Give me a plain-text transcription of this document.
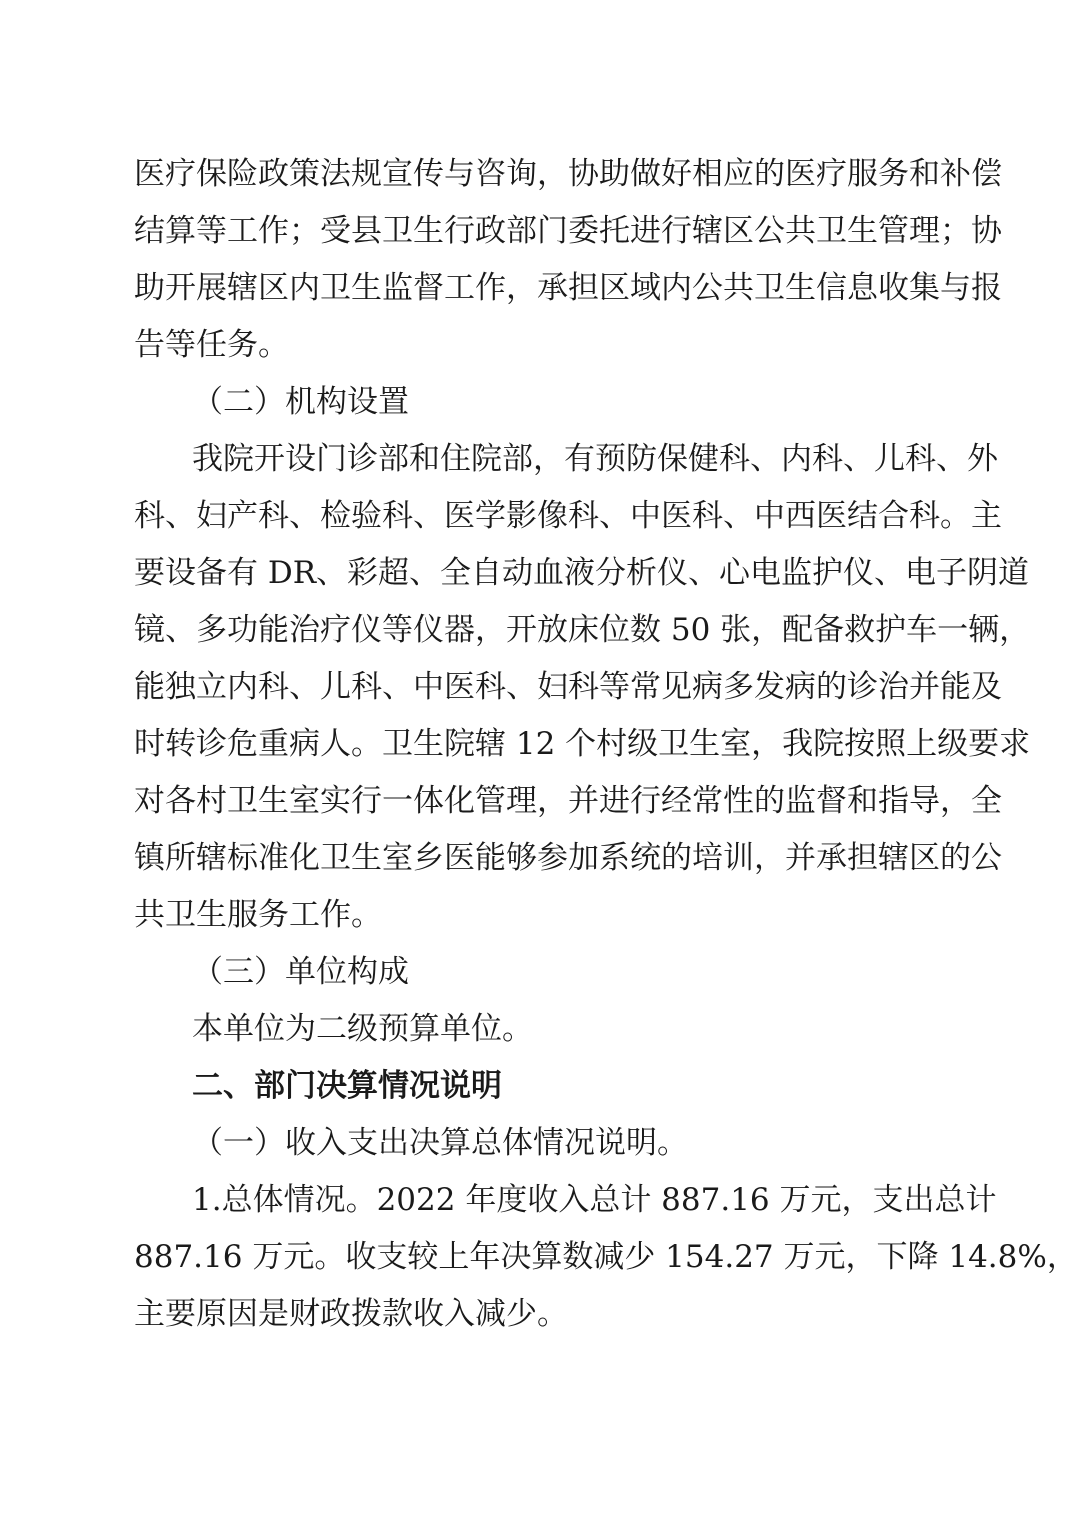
医疗保险政策法规宣传与咨询，协助做好相应的医疗服务和补偿

结算等工作；受县卫生行政部门委托进行辖区公共卫生管理；协

助开展辖区内卫生监督工作，承担区域内公共卫生信息收集与报

告等任务。

（二）机构设置

我院开设门诊部和住院部，有预防保健科、内科、儿科、外

科、妇产科、检验科、医学影像科、中医科、中西医结合科。主

要设备有 DR、彩超、全自动血液分析仪、心电监护仪、电子阴道

镜、多功能治疗仪等仪器，开放床位数 50 张，配备救护车一辆，

能独立内科、儿科、中医科、妇科等常见病多发病的诊治并能及

时转诊危重病人。卫生院辖 12 个村级卫生室，我院按照上级要求

对各村卫生室实行一体化管理，并进行经常性的监督和指导，全

镇所辖标准化卫生室乡医能够参加系统的培训，并承担辖区的公

共卫生服务工作。

（三）单位构成

本单位为二级预算单位。

二、部门决算情况说明

（一）收入支出决算总体情况说明。

1.总体情况。2022 年度收入总计 887.16 万元，支出总计

887.16 万元。收支较上年决算数减少 154.27 万元，下降 14.8%，

主要原因是财政拨款收入减少。
